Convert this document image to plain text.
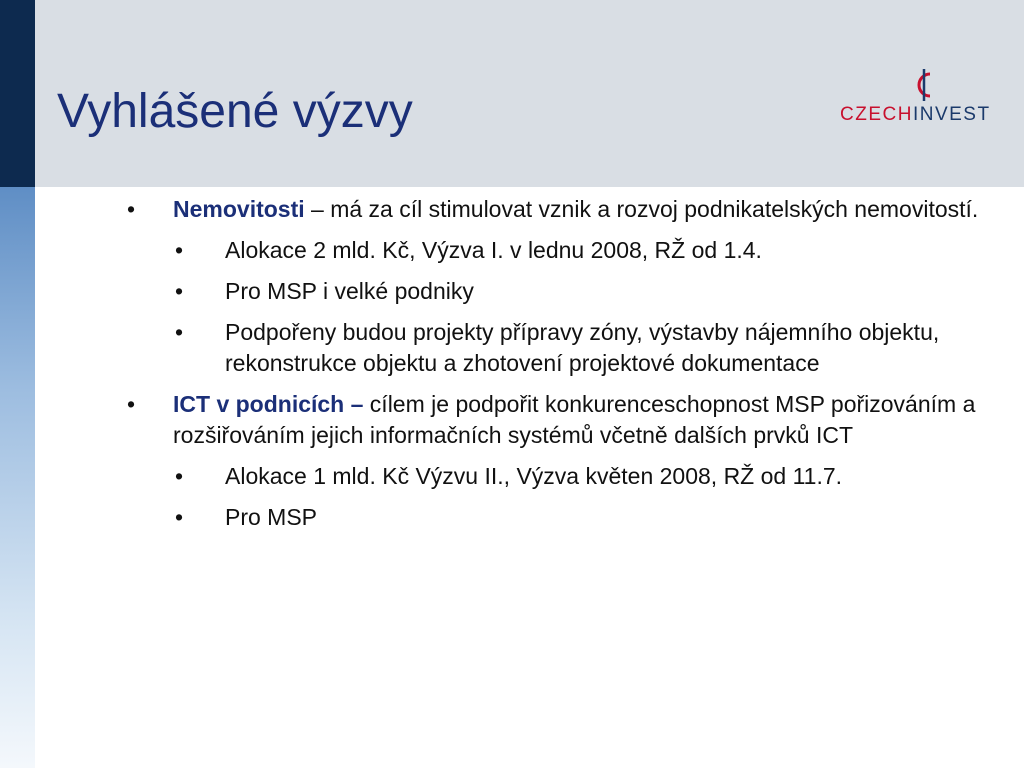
Vyhlášené výzvy	CZECHINVEST
• Nemovitosti – má za cíl stimulovat vznik a rozvoj podnikatelských nemovitostí.
• Alokace 2 mld. Kč, Výzva I. v lednu 2008, RŽ od 1.4.
• Pro MSP i velké podniky
• Podpořeny budou projekty přípravy zóny, výstavby nájemního objektu, rekonstrukce objektu a zhotovení projektové dokumentace
• ICT v podnicích – cílem je podpořit konkurenceschopnost MSP pořizováním a rozšiřováním jejich informačních systémů včetně dalších prvků ICT
• Alokace 1 mld. Kč Výzvu II., Výzva květen 2008, RŽ od 11.7.
• Pro MSP
